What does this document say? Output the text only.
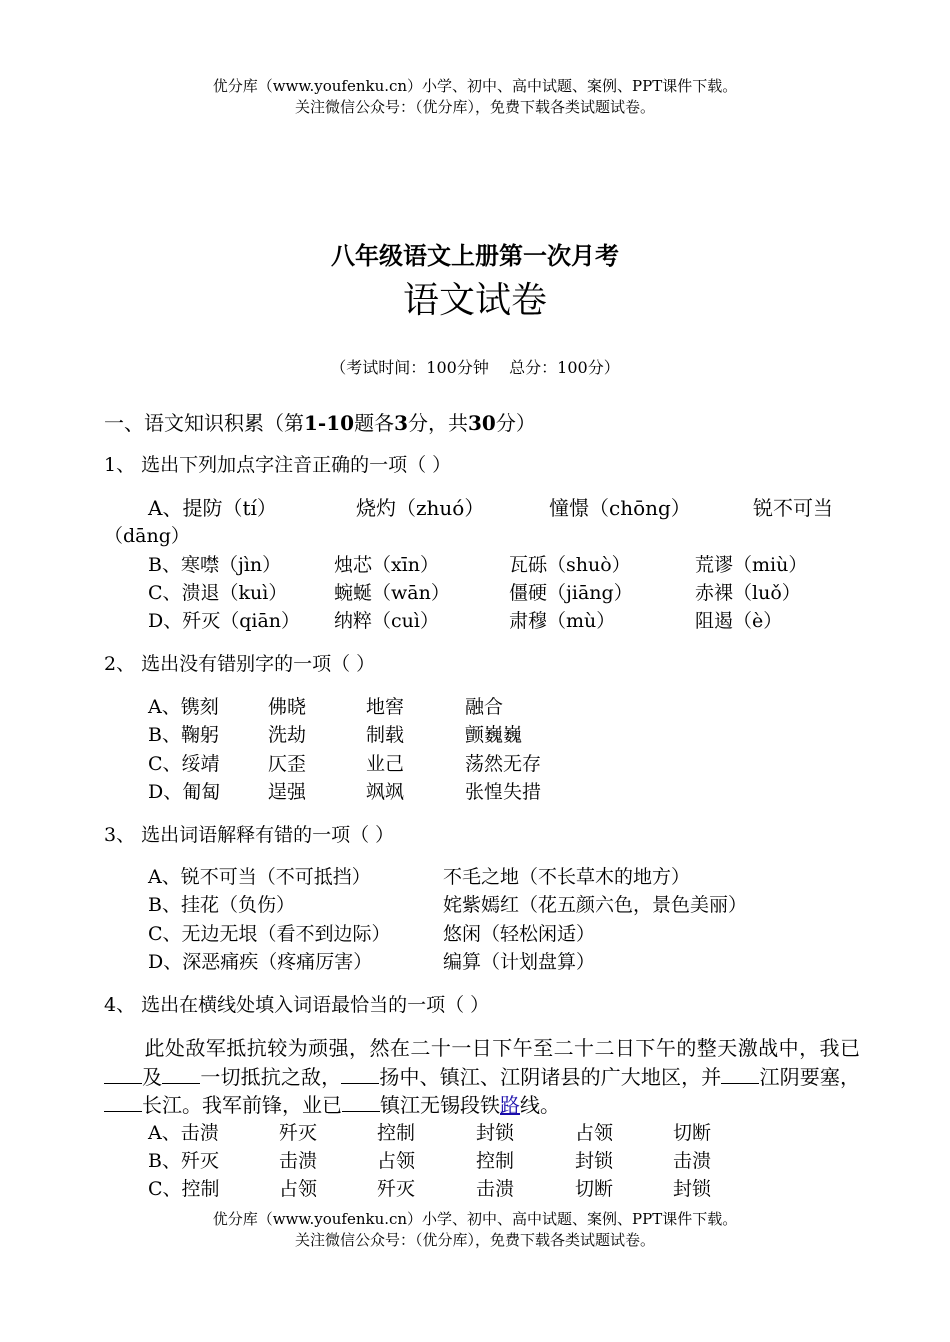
优分库（www.youfenku.cn）小学、初中、高中试题、案例、PPT课件下载。
关注微信公众号：（优分库），免费下载各类试题试卷。
八年级语文上册第一次月考
语文试卷
（考试时间：100分钟    总分：100分）
一、语文知识积累（第1-10题各3分，共30分）
1、 选出下列加点字注音正确的一项（ ）
A、提防（tí）	烧灼（zhuó）	憧憬（chōng）	锐不可当
（dāng）
B、寒噤（jìn）	烛芯（xīn）	瓦砾（shuò）	荒谬（miù）
C、溃退（kuì） 蜿蜒（wān）	僵硬（jiāng）	赤裸（luǒ）
D、歼灭（qiān） 纳粹（cuì）	肃穆（mù）	阻遏（è）
2、 选出没有错别字的一项（ ）
A、镌刻	佛晓	地窖	融合
B、鞠躬	洗劫	制载	颤巍巍
C、绥靖	仄歪	业己	荡然无存
D、匍匐	逞强	飒飒	张惶失措
3、 选出词语解释有错的一项（ ）
A、锐不可当（不可抵挡）	不毛之地（不长草木的地方）
B、挂花（负伤）	姹紫嫣红（花五颜六色，景色美丽）
C、无边无垠（看不到边际）	悠闲（轻松闲适）
D、深恶痛疾（疼痛厉害）	编算（计划盘算）
4、 选出在横线处填入词语最恰当的一项（ ）
此处敌军抵抗较为顽强，然在二十一日下午至二十二日下午的整天激战中，我已及 一切抵抗之敌， 扬中、镇江、江阴诸县的广大地区，并 江阴要塞，长江。我军前锋，业已 镇江无锡段铁路线。
A、击溃	歼灭	控制	封锁	占领	切断
B、歼灭	击溃	占领	控制	封锁	击溃
C、控制	占领	歼灭	击溃	切断	封锁
优分库（www.youfenku.cn）小学、初中、高中试题、案例、PPT课件下载。
关注微信公众号：（优分库），免费下载各类试题试卷。
